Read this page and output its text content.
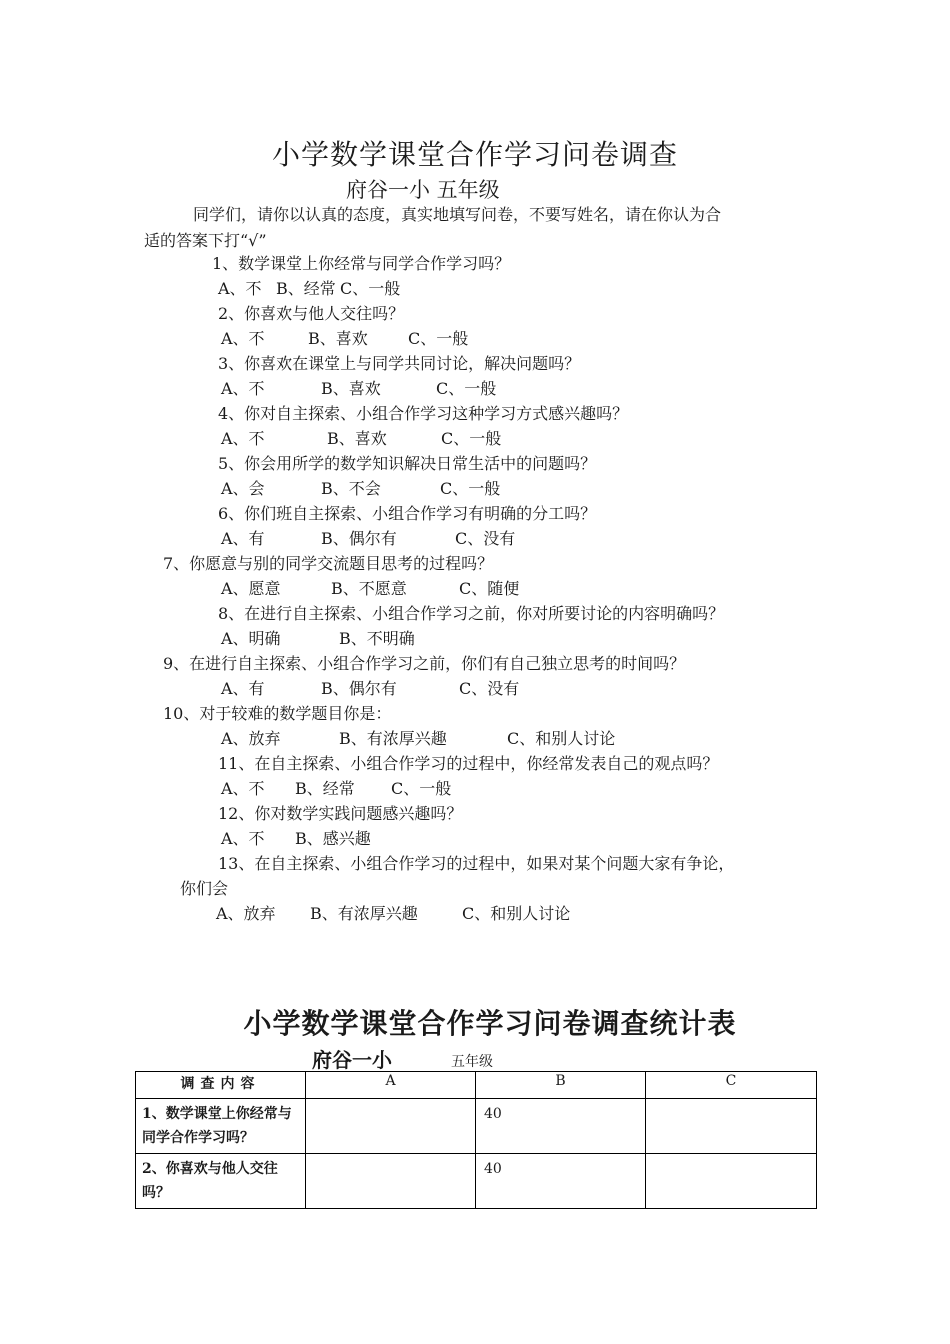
小学数学课堂合作学习问卷调查
府谷一小 五年级
同学们，请你以认真的态度，真实地填写问卷，不要写姓名，请在你认为合
适的答案下打“√”
1、数学课堂上你经常与同学合作学习吗？
A、不 B、经常 C、一般
2、你喜欢与他人交往吗？
A、不	B、喜欢	C、一般
3、你喜欢在课堂上与同学共同讨论，解决问题吗？
A、不	B、喜欢	C、一般
4、你对自主探索、小组合作学习这种学习方式感兴趣吗？
A、不	B、喜欢	C、一般
5、你会用所学的数学知识解决日常生活中的问题吗？
A、会	B、不会	C、一般
6、你们班自主探索、小组合作学习有明确的分工吗？
A、有	B、偶尔有	C、没有
7、你愿意与别的同学交流题目思考的过程吗？
A、愿意	B、不愿意	C、随便
8、在进行自主探索、小组合作学习之前，你对所要讨论的内容明确吗？
A、明确	B、不明确
9、在进行自主探索、小组合作学习之前，你们有自己独立思考的时间吗？
A、有	B、偶尔有	C、没有
10、对于较难的数学题目你是：
A、放弃	B、有浓厚兴趣	C、和别人讨论
11、在自主探索、小组合作学习的过程中，你经常发表自己的观点吗？
A、不 B、经常 C、一般
12、你对数学实践问题感兴趣吗？
A、不 B、感兴趣
13、在自主探索、小组合作学习的过程中，如果对某个问题大家有争论，
你们会
A、放弃 B、有浓厚兴趣	C、和别人讨论
小学数学课堂合作学习问卷调查统计表
府谷一小	五年级
调查内容	A	B	C
1、数学课堂上你经常与同学合作学习吗？		40	
2、你喜欢与他人交往吗？		40	
